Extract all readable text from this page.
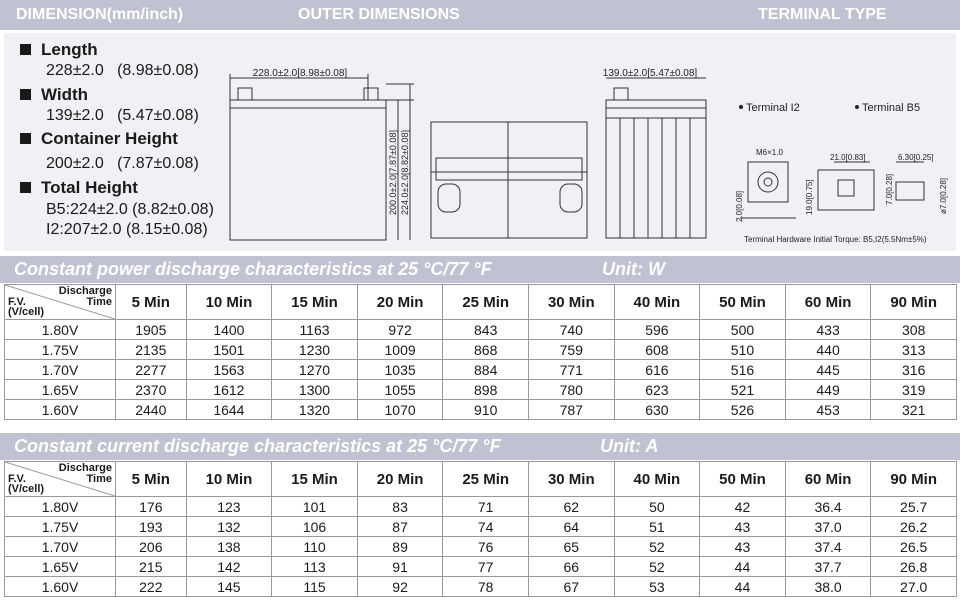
DIMENSION(mm/inch)	OUTER DIMENSIONS	TERMINAL TYPE
Length
228±2.0 (8.98±0.08)
Width
139±2.0 (5.47±0.08)
Container Height
200±2.0 (7.87±0.08)
Total Height
B5:224±2.0 (8.82±0.08)
I2:207±2.0 (8.15±0.08)
228.0±2.0[8.98±0.08]
200.0±2.0[7.87±0.08] 224.0±2.0[8.82±0.08]
139.0±2.0[5.47±0.08]
Terminal I2	Terminal B5
M6×1.0
21.0[0.83]	6.30[0.25]
2.0[0.08]	19.0[0.75]	7.0[0.28]	ø7.0[0.28]
Terminal Hardware Initial Torque: B5,I2(5.5Nm±5%)
Constant power discharge characteristics at 25 °C/77 °F	Unit: W
Discharge
Time
F.V.
(V/cell)	5 Min	10 Min	15 Min	20 Min	25 Min	30 Min	40 Min	50 Min	60 Min	90 Min
1.80V	1905	1400	1163	972	843	740	596	500	433	308
1.75V	2135	1501	1230	1009	868	759	608	510	440	313
1.70V	2277	1563	1270	1035	884	771	616	516	445	316
1.65V	2370	1612	1300	1055	898	780	623	521	449	319
1.60V	2440	1644	1320	1070	910	787	630	526	453	321
Constant current discharge characteristics at 25 °C/77 °F	Unit: A
Discharge
Time
F.V.
(V/cell)	5 Min	10 Min	15 Min	20 Min	25 Min	30 Min	40 Min	50 Min	60 Min	90 Min
1.80V	176	123	101	83	71	62	50	42	36.4	25.7
1.75V	193	132	106	87	74	64	51	43	37.0	26.2
1.70V	206	138	110	89	76	65	52	43	37.4	26.5
1.65V	215	142	113	91	77	66	52	44	37.7	26.8
1.60V	222	145	115	92	78	67	53	44	38.0	27.0
